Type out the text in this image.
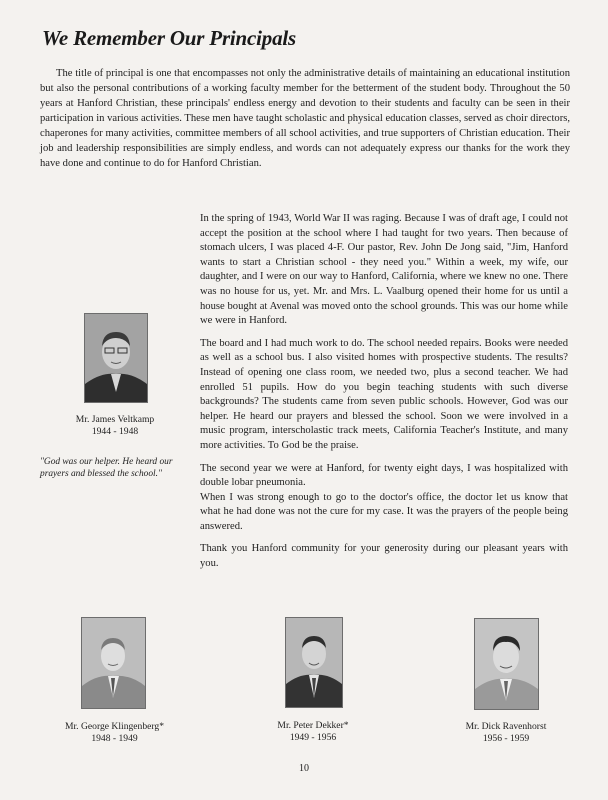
We Remember Our Principals
The title of principal is one that encompasses not only the administrative details of maintaining an educational institution but also the personal contributions of a working faculty member for the betterment of the student body. Throughout the 50 years at Hanford Christian, these principals' endless energy and devotion to their students and faculty can be seen in their participation in various activities. These men have taught scholastic and physical education classes, served as choir directors, chaperones for many activities, committee members of all school activities, and true supporters of Christian education. Their job and leadership responsibilities are simply endless, and words can not adequately express our thanks for the work they have done and continue to do for Hanford Christian.

In the spring of 1943, World War II was raging. Because I was of draft age, I could not accept the position at the school where I had taught for two years. Then because of stomach ulcers, I was placed 4-F. Our pastor, Rev. John De Jong said, "Jim, Hanford wants to start a Christian school - they need you." Within a week, my wife, our daughter, and I were on our way to Hanford, California, where we knew no one. There was no house for us, yet. Mr. and Mrs. L. Vaalburg opened their home for us until a house bought at Avenal was moved onto the school grounds. This was our home while we were in Hanford.

The board and I had much work to do. The school needed repairs. Books were needed as well as a school bus. I also visited homes with prospective students. The results? Instead of opening one class room, we needed two, plus a second teacher. We had enrolled 51 pupils. How do you begin teaching students with such diverse backgrounds? The students came from seven public schools. However, God was our helper. He heard our prayers and blessed the school. Soon we were involved in a music program, interscholastic track meets, California Teacher's Institute, and many more activities. To God be the praise.

The second year we were at Hanford, for twenty eight days, I was hospitalized with double lobar pneumonia.

When I was strong enough to go to the doctor's office, the doctor let us know that what he had done was not the cure for my case. It was the prayers of the people being answered.

Thank you Hanford community for your generosity during our pleasant years with you.

Mr. James Veltkamp
1944 - 1948
"God was our helper. He heard our prayers and blessed the school."
Mr. George Klingenberg*
1948 - 1949
Mr. Peter Dekker*
1949 - 1956
Mr. Dick Ravenhorst
1956 - 1959
10
